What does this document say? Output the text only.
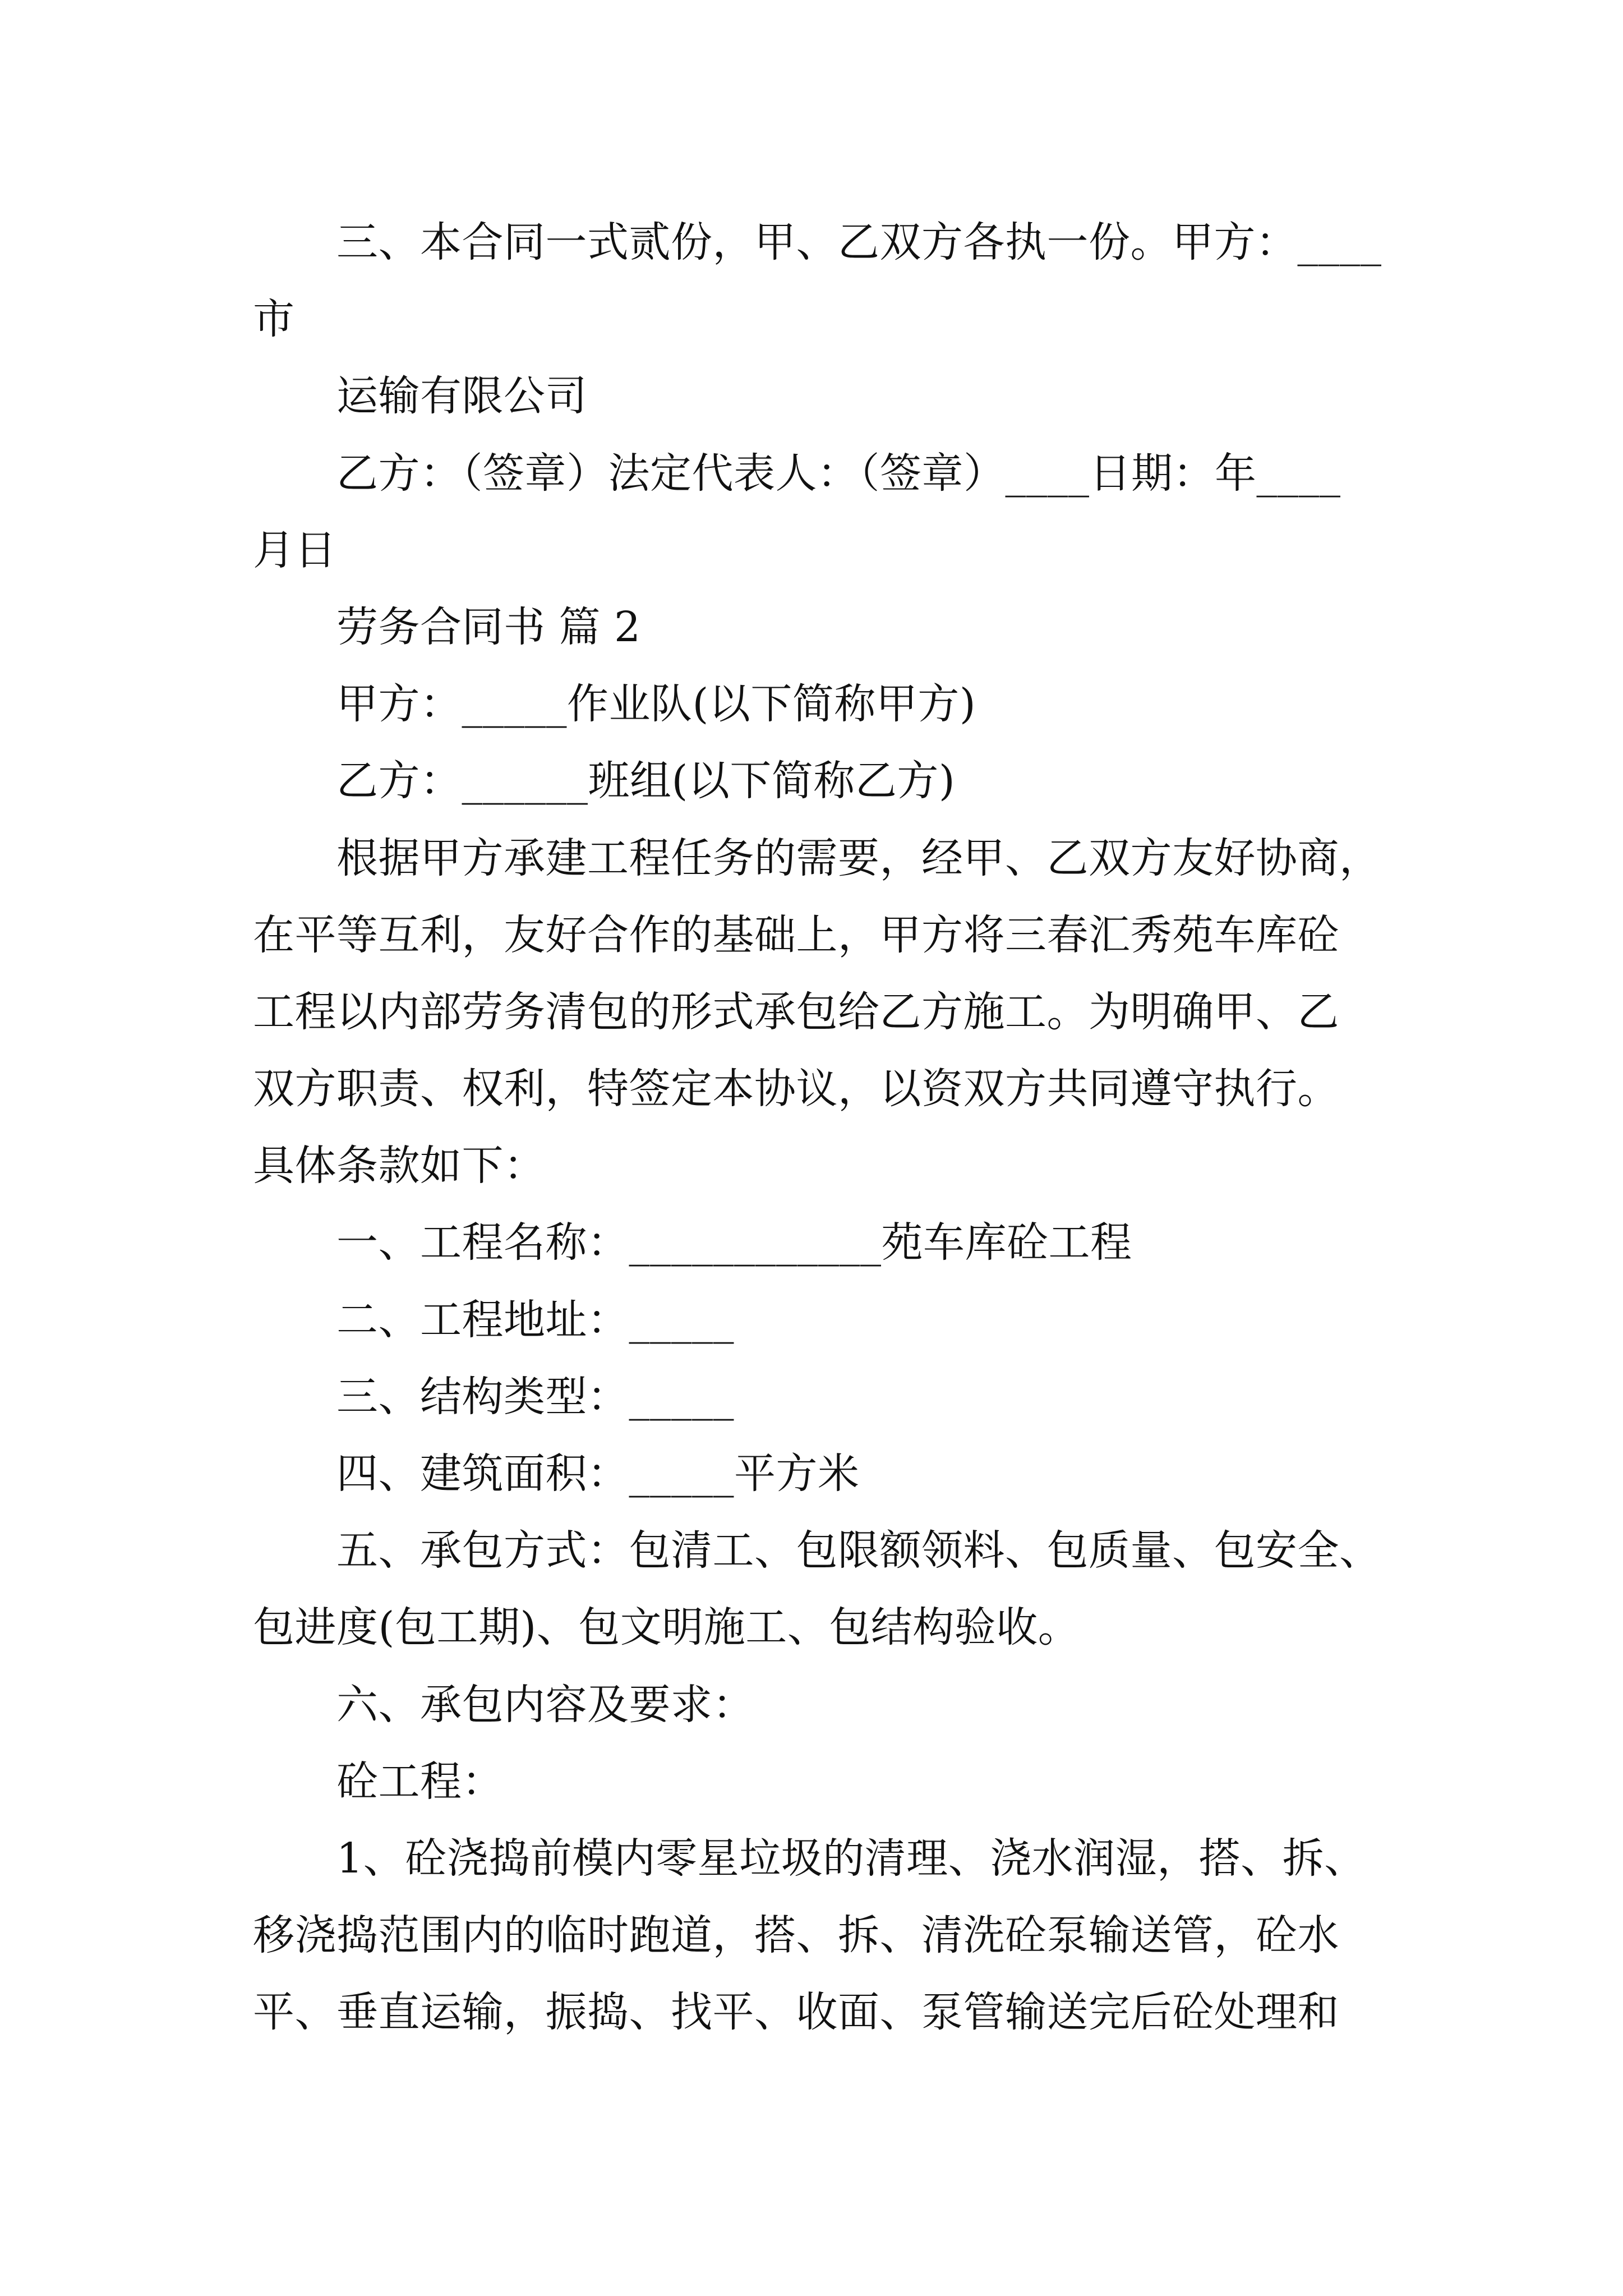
三、本合同一式贰份，甲、乙双方各执一份。甲方：____
市
运输有限公司
乙方：（签章）法定代表人：（签章）____日期：年____
月日
劳务合同书 篇 2
甲方：_____作业队(以下简称甲方)
乙方：______班组(以下简称乙方)
根据甲方承建工程任务的需要，经甲、乙双方友好协商，
在平等互利，友好合作的基础上，甲方将三春汇秀苑车库砼
工程以内部劳务清包的形式承包给乙方施工。为明确甲、乙
双方职责、权利，特签定本协议，以资双方共同遵守执行。
具体条款如下：
一、工程名称：____________苑车库砼工程
二、工程地址：_____
三、结构类型：_____
四、建筑面积：_____平方米
五、承包方式：包清工、包限额领料、包质量、包安全、
包进度(包工期)、包文明施工、包结构验收。
六、承包内容及要求：
砼工程：
1、砼浇捣前模内零星垃圾的清理、浇水润湿，搭、拆、
移浇捣范围内的临时跑道，搭、拆、清洗砼泵输送管，砼水
平、垂直运输，振捣、找平、收面、泵管输送完后砼处理和
